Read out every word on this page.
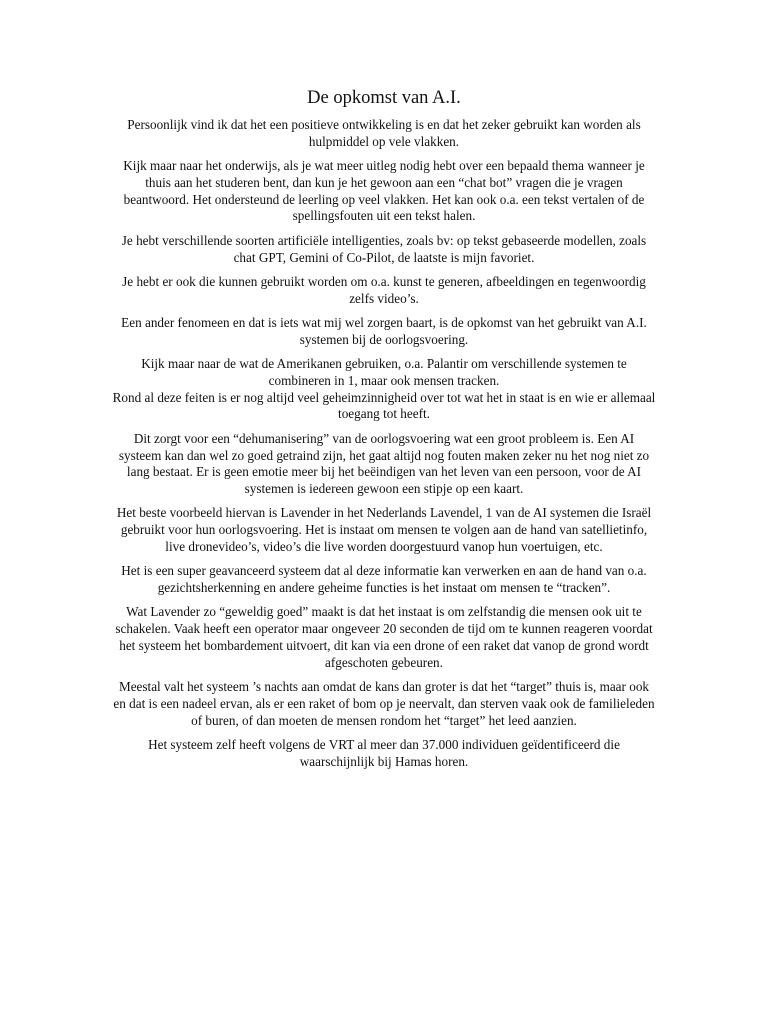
De opkomst van A.I.

Persoonlijk vind ik dat het een positieve ontwikkeling is en dat het zeker gebruikt kan worden als
hulpmiddel op vele vlakken.

Kijk maar naar het onderwijs, als je wat meer uitleg nodig hebt over een bepaald thema wanneer je
thuis aan het studeren bent, dan kun je het gewoon aan een “chat bot” vragen die je vragen
beantwoord. Het ondersteund de leerling op veel vlakken. Het kan ook o.a. een tekst vertalen of de
spellingsfouten uit een tekst halen.

Je hebt verschillende soorten artificiële intelligenties, zoals bv: op tekst gebaseerde modellen, zoals
chat GPT, Gemini of Co-Pilot, de laatste is mijn favoriet.

Je hebt er ook die kunnen gebruikt worden om o.a. kunst te generen, afbeeldingen en tegenwoordig
zelfs video’s.

Een ander fenomeen en dat is iets wat mij wel zorgen baart, is de opkomst van het gebruikt van A.I.
systemen bij de oorlogsvoering.

Kijk maar naar de wat de Amerikanen gebruiken, o.a. Palantir om verschillende systemen te
combineren in 1, maar ook mensen tracken.
Rond al deze feiten is er nog altijd veel geheimzinnigheid over tot wat het in staat is en wie er allemaal
toegang tot heeft.

Dit zorgt voor een “dehumanisering” van de oorlogsvoering wat een groot probleem is. Een AI
systeem kan dan wel zo goed getraind zijn, het gaat altijd nog fouten maken zeker nu het nog niet zo
lang bestaat. Er is geen emotie meer bij het beëindigen van het leven van een persoon, voor de AI
systemen is iedereen gewoon een stipje op een kaart.

Het beste voorbeeld hiervan is Lavender in het Nederlands Lavendel, 1 van de AI systemen die Israël
gebruikt voor hun oorlogsvoering. Het is instaat om mensen te volgen aan de hand van satellietinfo,
live dronevideo’s, video’s die live worden doorgestuurd vanop hun voertuigen, etc.

Het is een super geavanceerd systeem dat al deze informatie kan verwerken en aan de hand van o.a.
gezichtsherkenning en andere geheime functies is het instaat om mensen te “tracken”.

Wat Lavender zo “geweldig goed” maakt is dat het instaat is om zelfstandig die mensen ook uit te
schakelen. Vaak heeft een operator maar ongeveer 20 seconden de tijd om te kunnen reageren voordat
het systeem het bombardement uitvoert, dit kan via een drone of een raket dat vanop de grond wordt
afgeschoten gebeuren.

Meestal valt het systeem ’s nachts aan omdat de kans dan groter is dat het “target” thuis is, maar ook
en dat is een nadeel ervan, als er een raket of bom op je neervalt, dan sterven vaak ook de familieleden
of buren, of dan moeten de mensen rondom het “target” het leed aanzien.

Het systeem zelf heeft volgens de VRT al meer dan 37.000 individuen geïdentificeerd die
waarschijnlijk bij Hamas horen.
